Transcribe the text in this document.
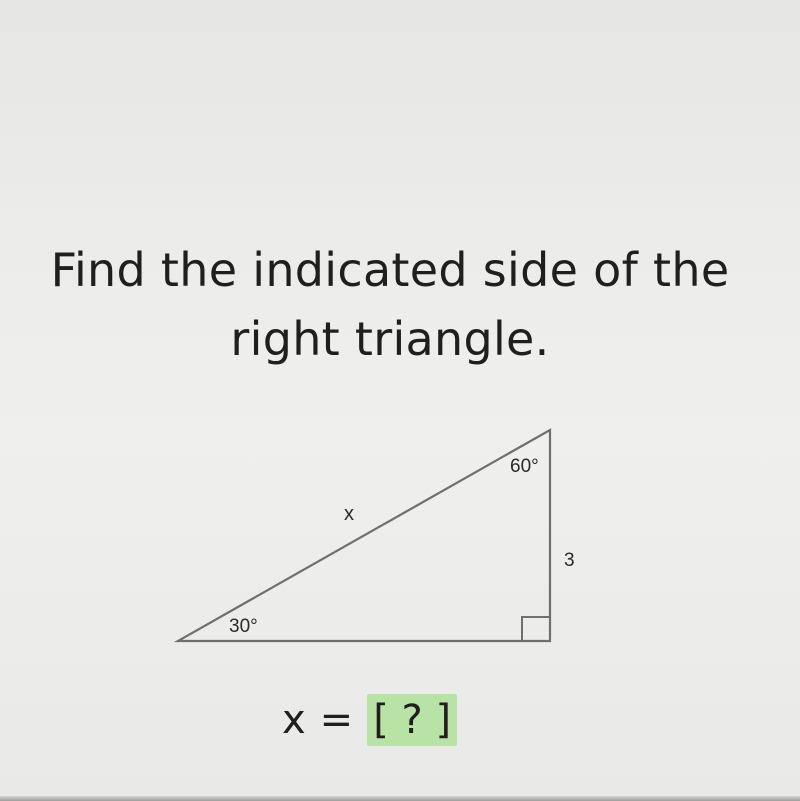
Find the indicated side of the
right triangle.
30°
60°
x
3
x = [ ? ]
